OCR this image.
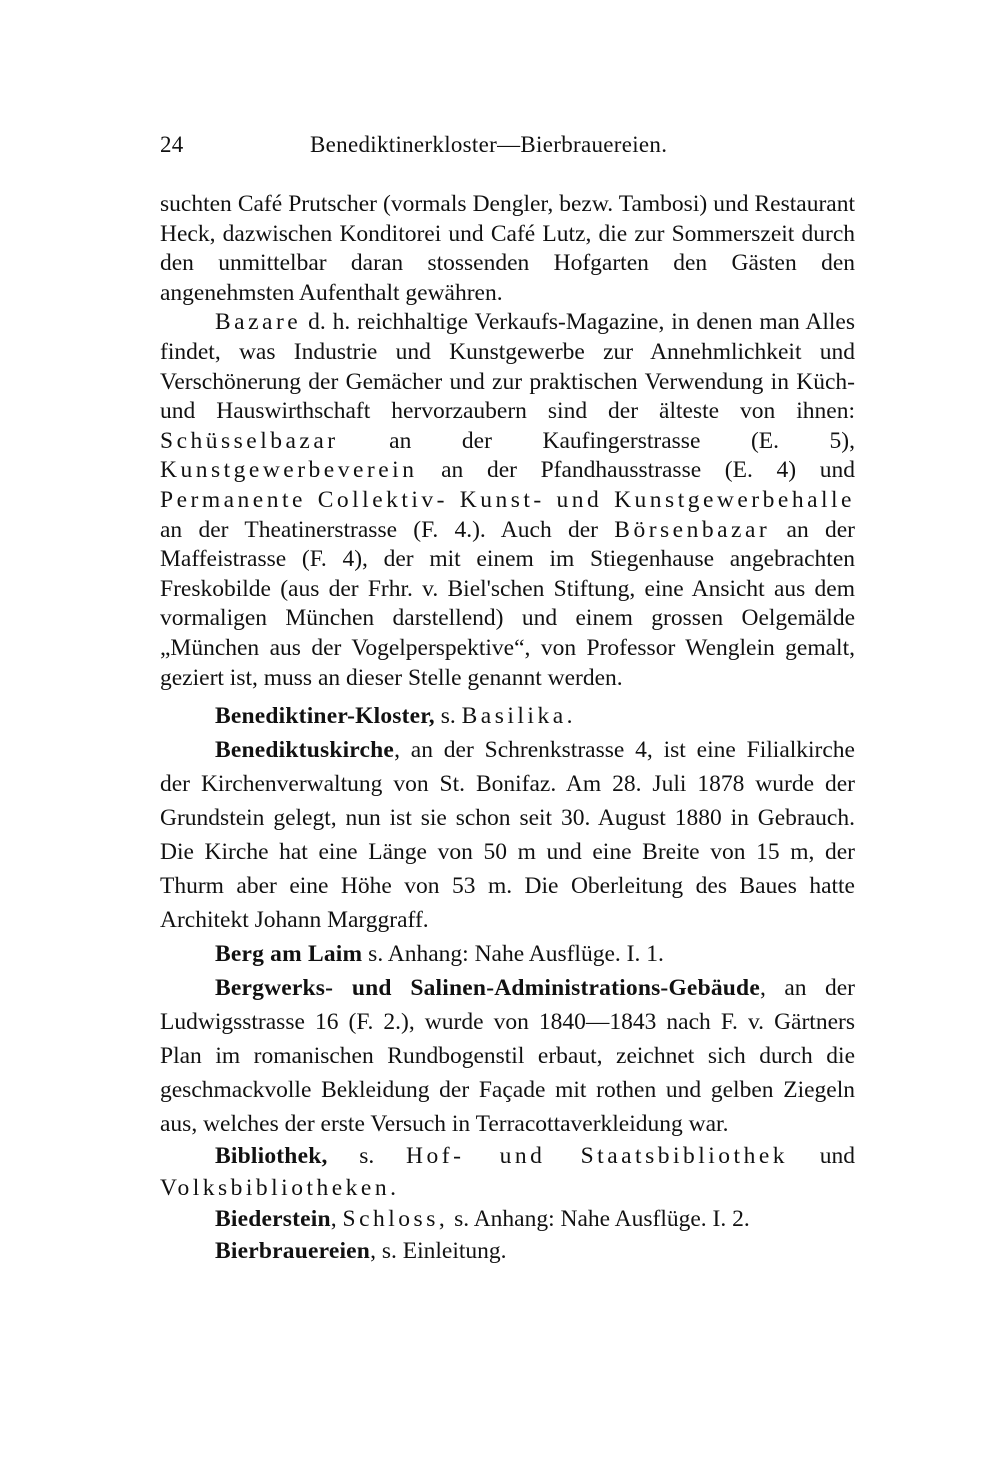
24	Benediktinerkloster—Bierbrauereien.

suchten Café Prutscher (vormals Dengler, bezw. Tambosi) und Restaurant Heck, dazwischen Konditorei und Café Lutz, die zur Sommerszeit durch den unmittelbar daran stossenden Hofgarten den Gästen den angenehmsten Aufenthalt gewähren.

Bazare d. h. reichhaltige Verkaufs-Magazine, in denen man Alles findet, was Industrie und Kunstgewerbe zur Annehmlichkeit und Verschönerung der Gemächer und zur praktischen Verwendung in Küch- und Hauswirthschaft hervorzaubern sind der älteste von ihnen: Schüsselbazar an der Kaufingerstrasse (E. 5), Kunstgewerbeverein an der Pfandhausstrasse (E. 4) und Permanente Collektiv- Kunst- und Kunstgewerbehalle an der Theatinerstrasse (F. 4.). Auch der Börsenbazar an der Maffeistrasse (F. 4), der mit einem im Stiegenhause angebrachten Freskobilde (aus der Frhr. v. Biel'schen Stiftung, eine Ansicht aus dem vormaligen München darstellend) und einem grossen Oelgemälde „München aus der Vogelperspektive“, von Professor Wenglein gemalt, geziert ist, muss an dieser Stelle genannt werden.

Benediktiner-Kloster, s. Basilika.

Benediktuskirche, an der Schrenkstrasse 4, ist eine Filialkirche der Kirchenverwaltung von St. Bonifaz. Am 28. Juli 1878 wurde der Grundstein gelegt, nun ist sie schon seit 30. August 1880 in Gebrauch. Die Kirche hat eine Länge von 50 m und eine Breite von 15 m, der Thurm aber eine Höhe von 53 m. Die Oberleitung des Baues hatte Architekt Johann Marggraff.

Berg am Laim s. Anhang: Nahe Ausflüge. I. 1.

Bergwerks- und Salinen-Administrations-Gebäude, an der Ludwigsstrasse 16 (F. 2.), wurde von 1840—1843 nach F. v. Gärtners Plan im romanischen Rundbogenstil erbaut, zeichnet sich durch die geschmackvolle Bekleidung der Façade mit rothen und gelben Ziegeln aus, welches der erste Versuch in Terracottaverkleidung war.

Bibliothek, s. Hof- und Staatsbibliothek und Volksbibliotheken.

Biederstein, Schloss, s. Anhang: Nahe Ausflüge. I. 2.

Bierbrauereien, s. Einleitung.
